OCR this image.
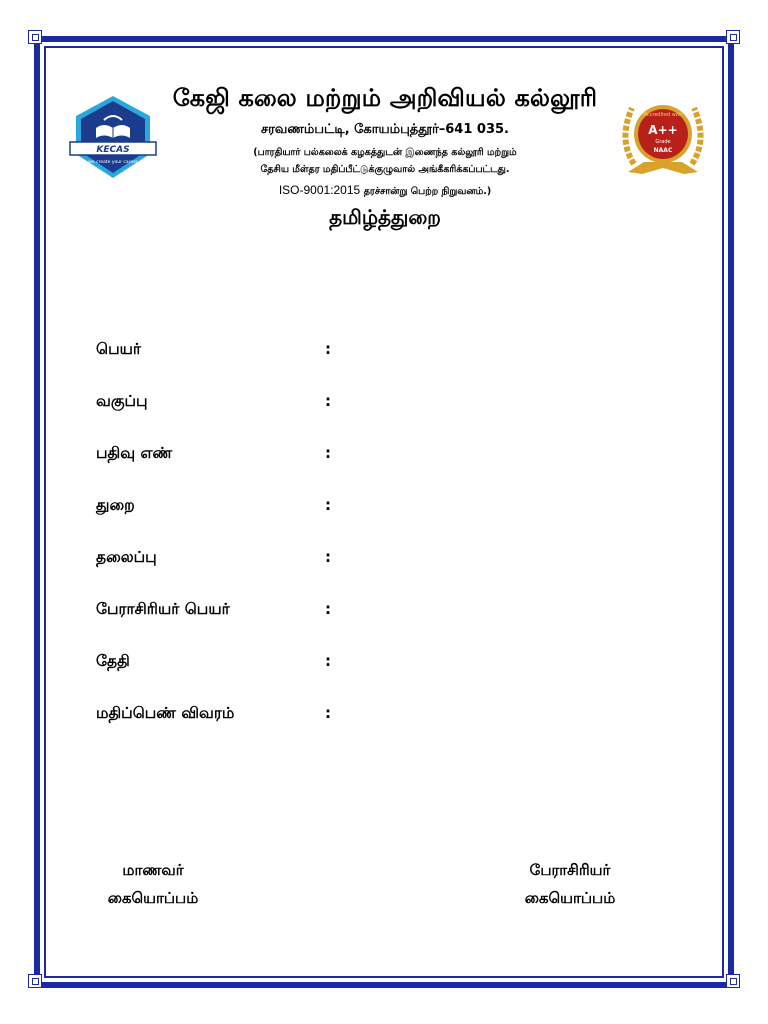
KECAS
we create your career
Accredited with
A++
Grade
NAAC
கேஜி கலை மற்றும் அறிவியல் கல்லூரி
சரவணம்பட்டி, கோயம்புத்தூர்–641 035.
(பாரதியார் பல்கலைக் கழகத்துடன் இணைந்த கல்லூரி மற்றும்
தேசிய மீள்தர மதிப்பீட்டுக்குழுவால் அங்கீகரிக்கப்பட்டது.
ISO-9001:2015 தரச்சான்று பெற்ற நிறுவனம்.)
தமிழ்த்துறை
பெயர்	:
வகுப்பு	:
பதிவு எண்	:
துறை	:
தலைப்பு	:
பேராசிரியர் பெயர்	:
தேதி	:
மதிப்பெண் விவரம்	:
மாணவர்
கையொப்பம்
பேராசிரியர்
கையொப்பம்
